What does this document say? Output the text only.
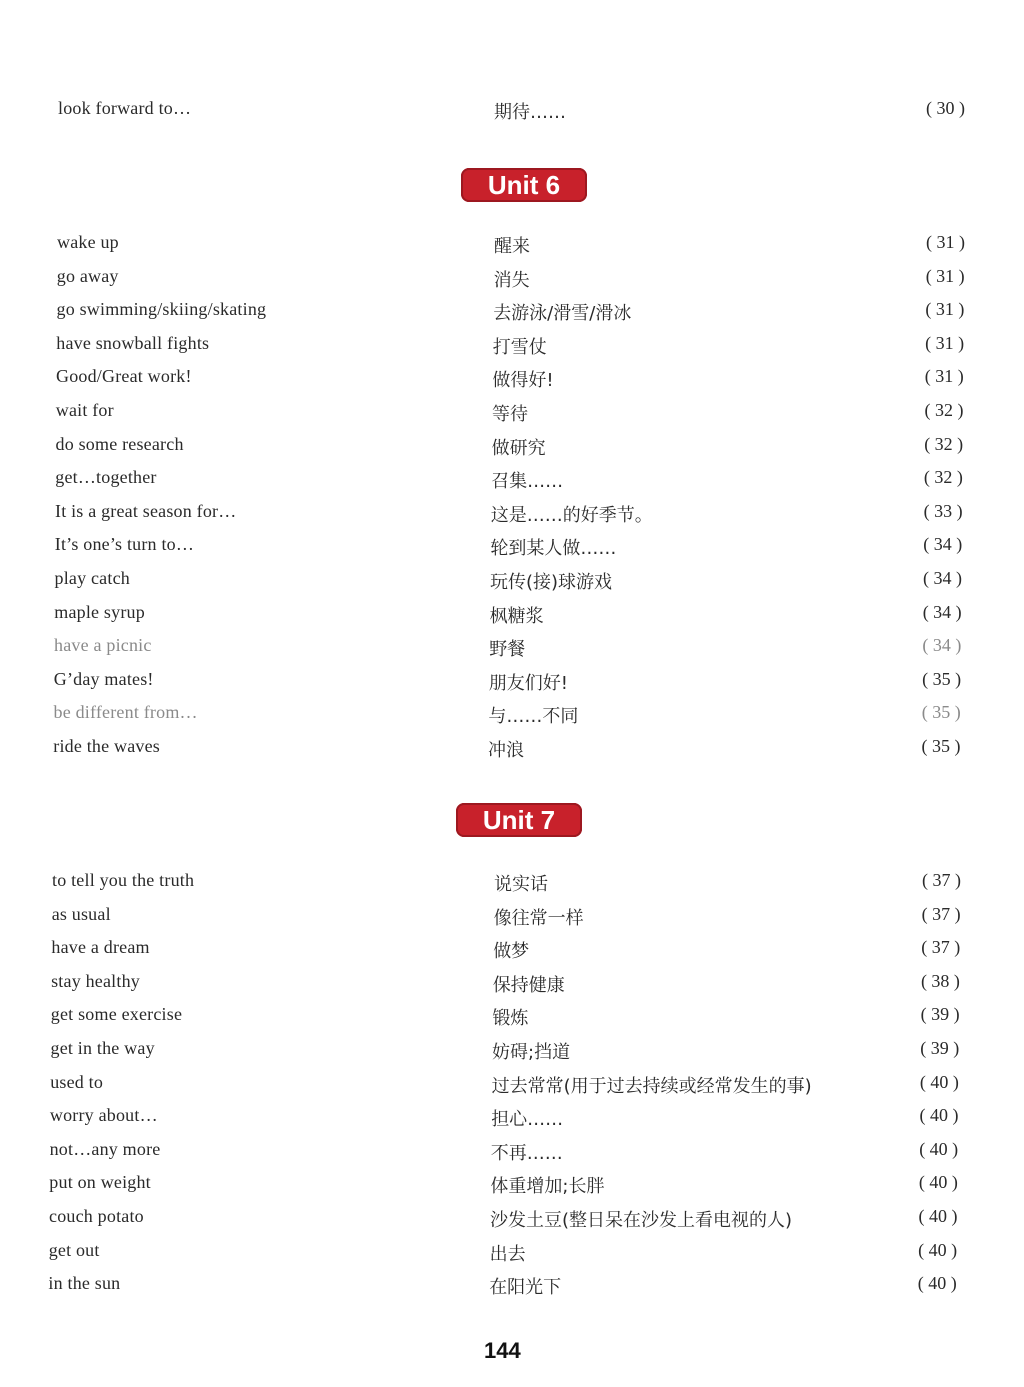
look forward to…	期待……	( 30 )
Unit 6
wake up	醒来	( 31 )
go away	消失	( 31 )
go swimming/skiing/skating	去游泳/滑雪/滑冰	( 31 )
have snowball fights	打雪仗	( 31 )
Good/Great work!	做得好!	( 31 )
wait for	等待	( 32 )
do some research	做研究	( 32 )
get…together	召集……	( 32 )
It is a great season for…	这是……的好季节。	( 33 )
It’s one’s turn to…	轮到某人做……	( 34 )
play catch	玩传(接)球游戏	( 34 )
maple syrup	枫糖浆	( 34 )
have a picnic	野餐	( 34 )
G’day mates!	朋友们好!	( 35 )
be different from…	与……不同	( 35 )
ride the waves	冲浪	( 35 )
Unit 7
to tell you the truth	说实话	( 37 )
as usual	像往常一样	( 37 )
have a dream	做梦	( 37 )
stay healthy	保持健康	( 38 )
get some exercise	锻炼	( 39 )
get in the way	妨碍;挡道	( 39 )
used to	过去常常(用于过去持续或经常发生的事)	( 40 )
worry about…	担心……	( 40 )
not…any more	不再……	( 40 )
put on weight	体重增加;长胖	( 40 )
couch potato	沙发土豆(整日呆在沙发上看电视的人)	( 40 )
get out	出去	( 40 )
in the sun	在阳光下	( 40 )
144
